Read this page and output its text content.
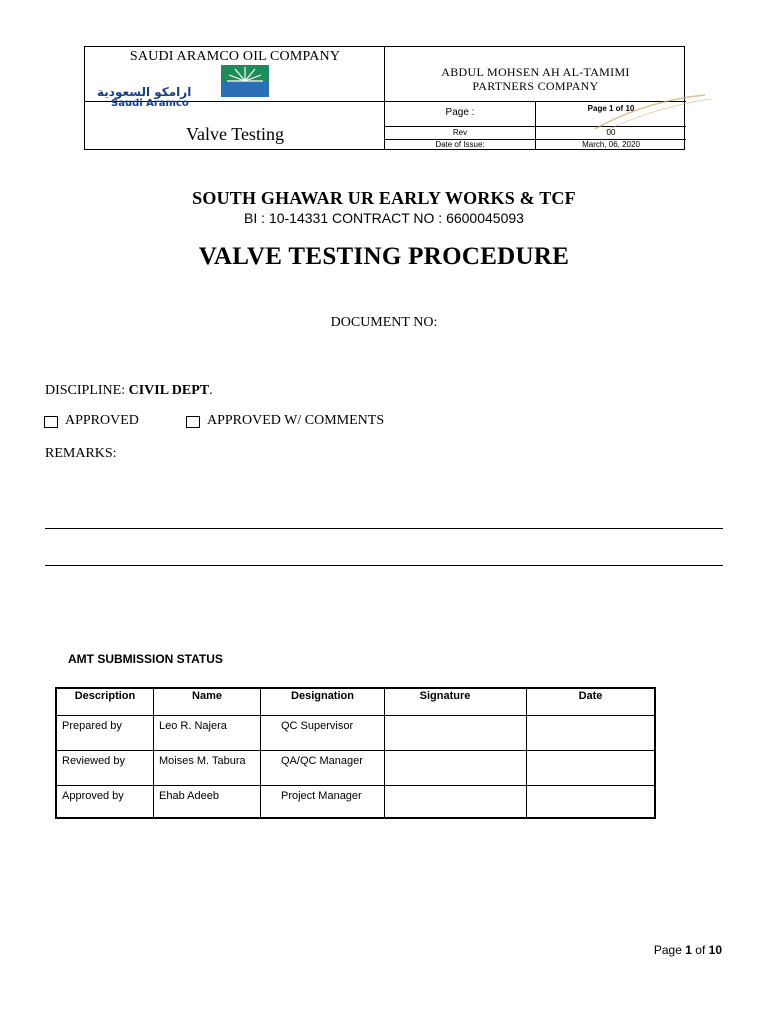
SAUDI ARAMCO OIL COMPANY
ارامكو السعودية
Saudi Aramco
Valve Testing
ABDUL MOHSEN AH AL-TAMIMI
PARTNERS COMPANY
Page :	Page 1 of 10
Rev	00
Date of Issue:	March, 06, 2020
SOUTH GHAWAR UR EARLY WORKS & TCF
BI : 10-14331 CONTRACT NO : 6600045093
VALVE TESTING PROCEDURE
DOCUMENT NO:
DISCIPLINE: CIVIL DEPT.
APPROVED	APPROVED W/ COMMENTS
REMARKS:
AMT SUBMISSION STATUS
Description	Name	Designation	Signature	Date
Prepared by	Leo R. Najera	QC Supervisor
Reviewed by	Moises M. Tabura	QA/QC Manager
Approved by	Ehab Adeeb	Project Manager
Page 1 of 10
